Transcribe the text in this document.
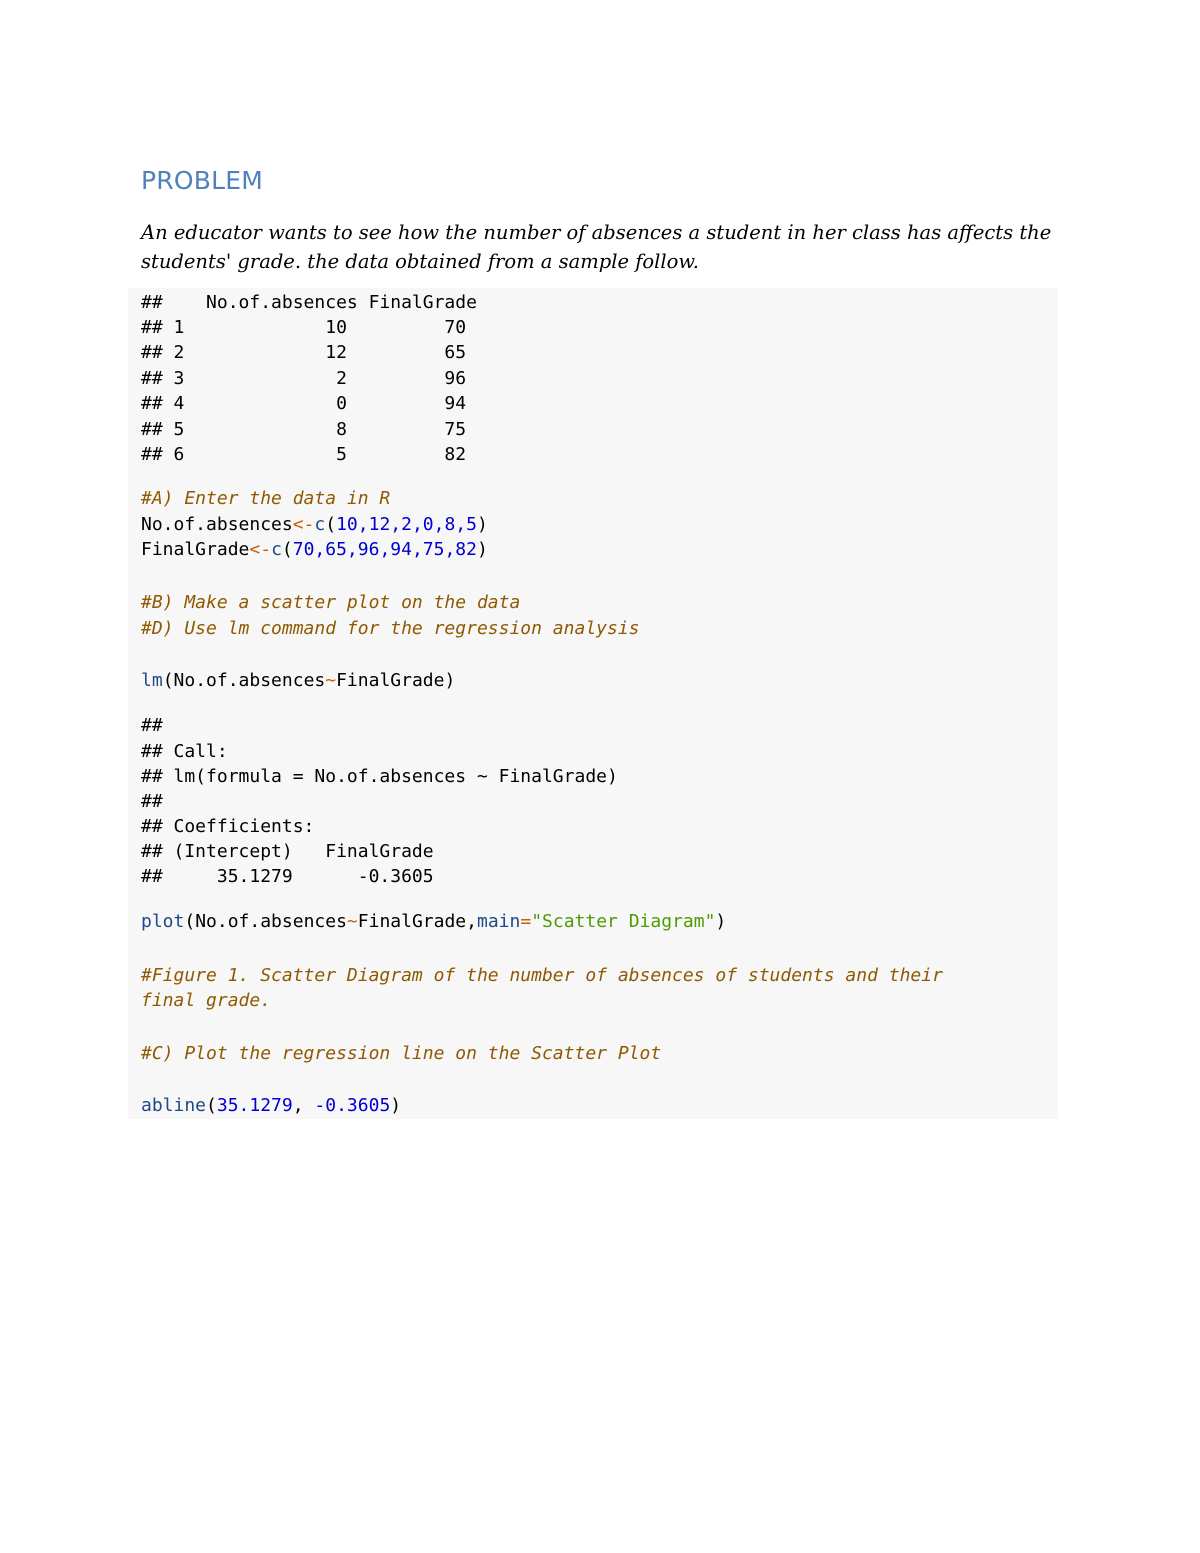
PROBLEM

An educator wants to see how the number of absences a student in her class has affects the
students' grade. the data obtained from a sample follow.

##    No.of.absences FinalGrade
## 1             10         70
## 2             12         65
## 3              2         96
## 4              0         94
## 5              8         75
## 6              5         82
#A) Enter the data in R
No.of.absences<-c(10,12,2,0,8,5)
FinalGrade<-c(70,65,96,94,75,82)
#B) Make a scatter plot on the data
#D) Use lm command for the regression analysis
lm(No.of.absences~FinalGrade)
##
## Call:
## lm(formula = No.of.absences ~ FinalGrade)
##
## Coefficients:
## (Intercept)   FinalGrade
##     35.1279      -0.3605
plot(No.of.absences~FinalGrade,main="Scatter Diagram")
#Figure 1. Scatter Diagram of the number of absences of students and their
final grade.
#C) Plot the regression line on the Scatter Plot
abline(35.1279, -0.3605)
